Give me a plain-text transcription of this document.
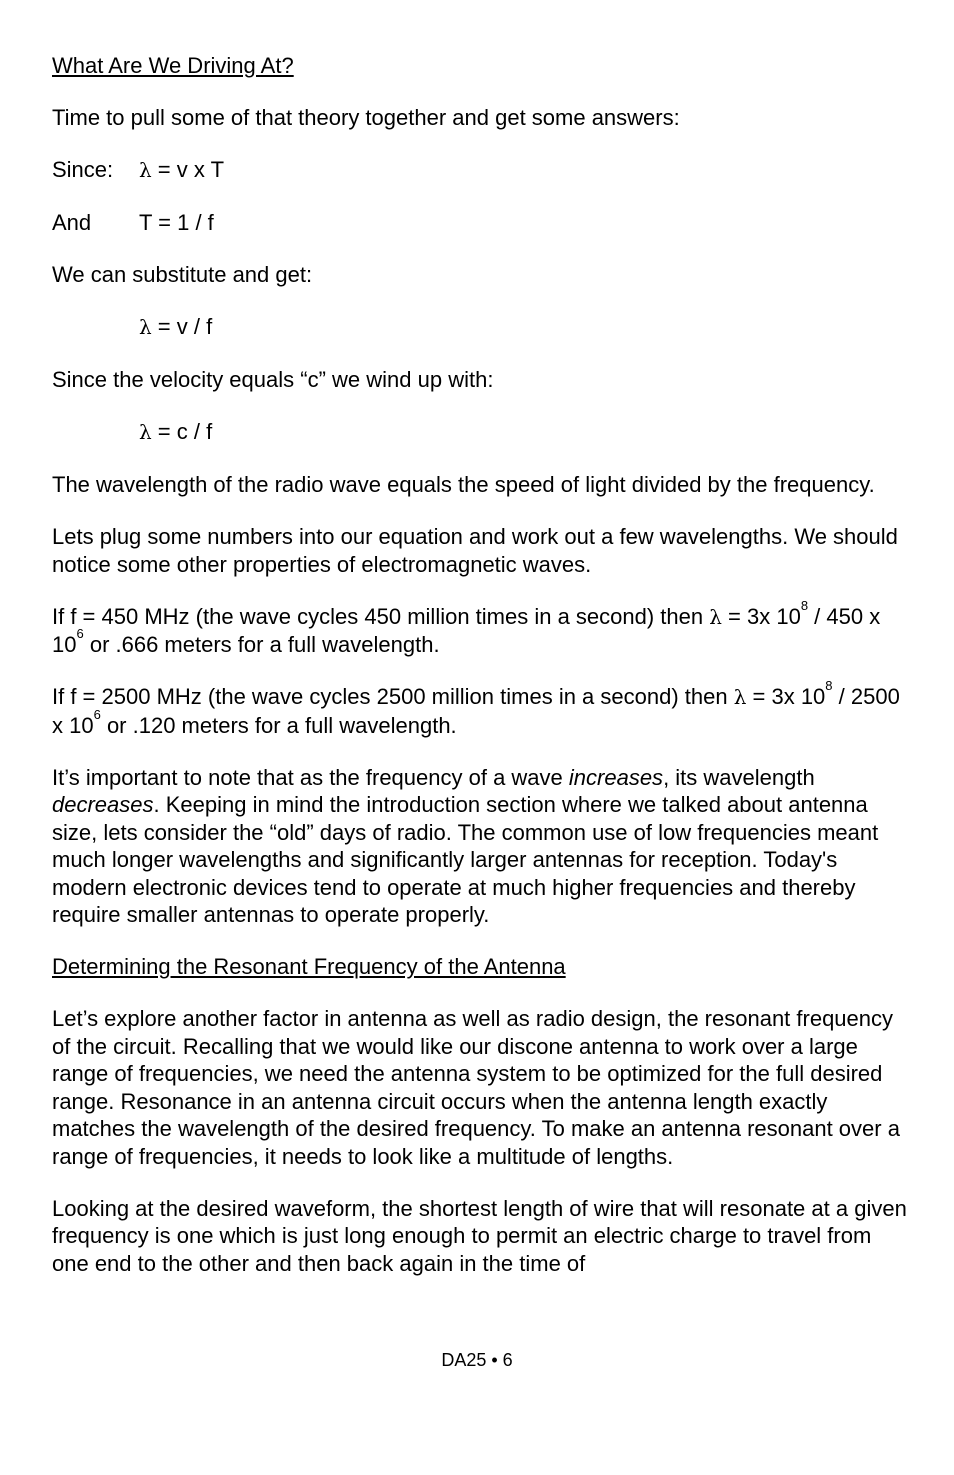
What Are We Driving At?

Time to pull some of that theory together and get some answers:

Since: λ = v x T

And T = 1 / f

We can substitute and get:

λ = v / f

Since the velocity equals “c” we wind up with:

λ = c / f

The wavelength of the radio wave equals the speed of light divided by the frequency.

Lets plug some numbers into our equation and work out a few wavelengths. We should notice some other properties of electromagnetic waves.

If f = 450 MHz (the wave cycles 450 million times in a second) then λ = 3x $10^8 / 450$ x $10^6$ or .666 meters for a full wavelength.

If f = 2500 MHz (the wave cycles 2500 million times in a second) then λ = 3x $10^8 / 2500$ x $10^6$ or .120 meters for a full wavelength.

It’s important to note that as the frequency of a wave increases, its wavelength decreases. Keeping in mind the introduction section where we talked about antenna size, lets consider the “old” days of radio. The common use of low frequencies meant much longer wavelengths and significantly larger antennas for reception. Today's modern electronic devices tend to operate at much higher frequencies and thereby require smaller antennas to operate properly.

Determining the Resonant Frequency of the Antenna

Let’s explore another factor in antenna as well as radio design, the resonant frequency of the circuit. Recalling that we would like our discone antenna to work over a large range of frequencies, we need the antenna system to be optimized for the full desired range. Resonance in an antenna circuit occurs when the antenna length exactly matches the wavelength of the desired frequency. To make an antenna resonant over a range of frequencies, it needs to look like a multitude of lengths.

Looking at the desired waveform, the shortest length of wire that will resonate at a given frequency is one which is just long enough to permit an electric charge to travel from one end to the other and then back again in the time of

DA25 • 6
